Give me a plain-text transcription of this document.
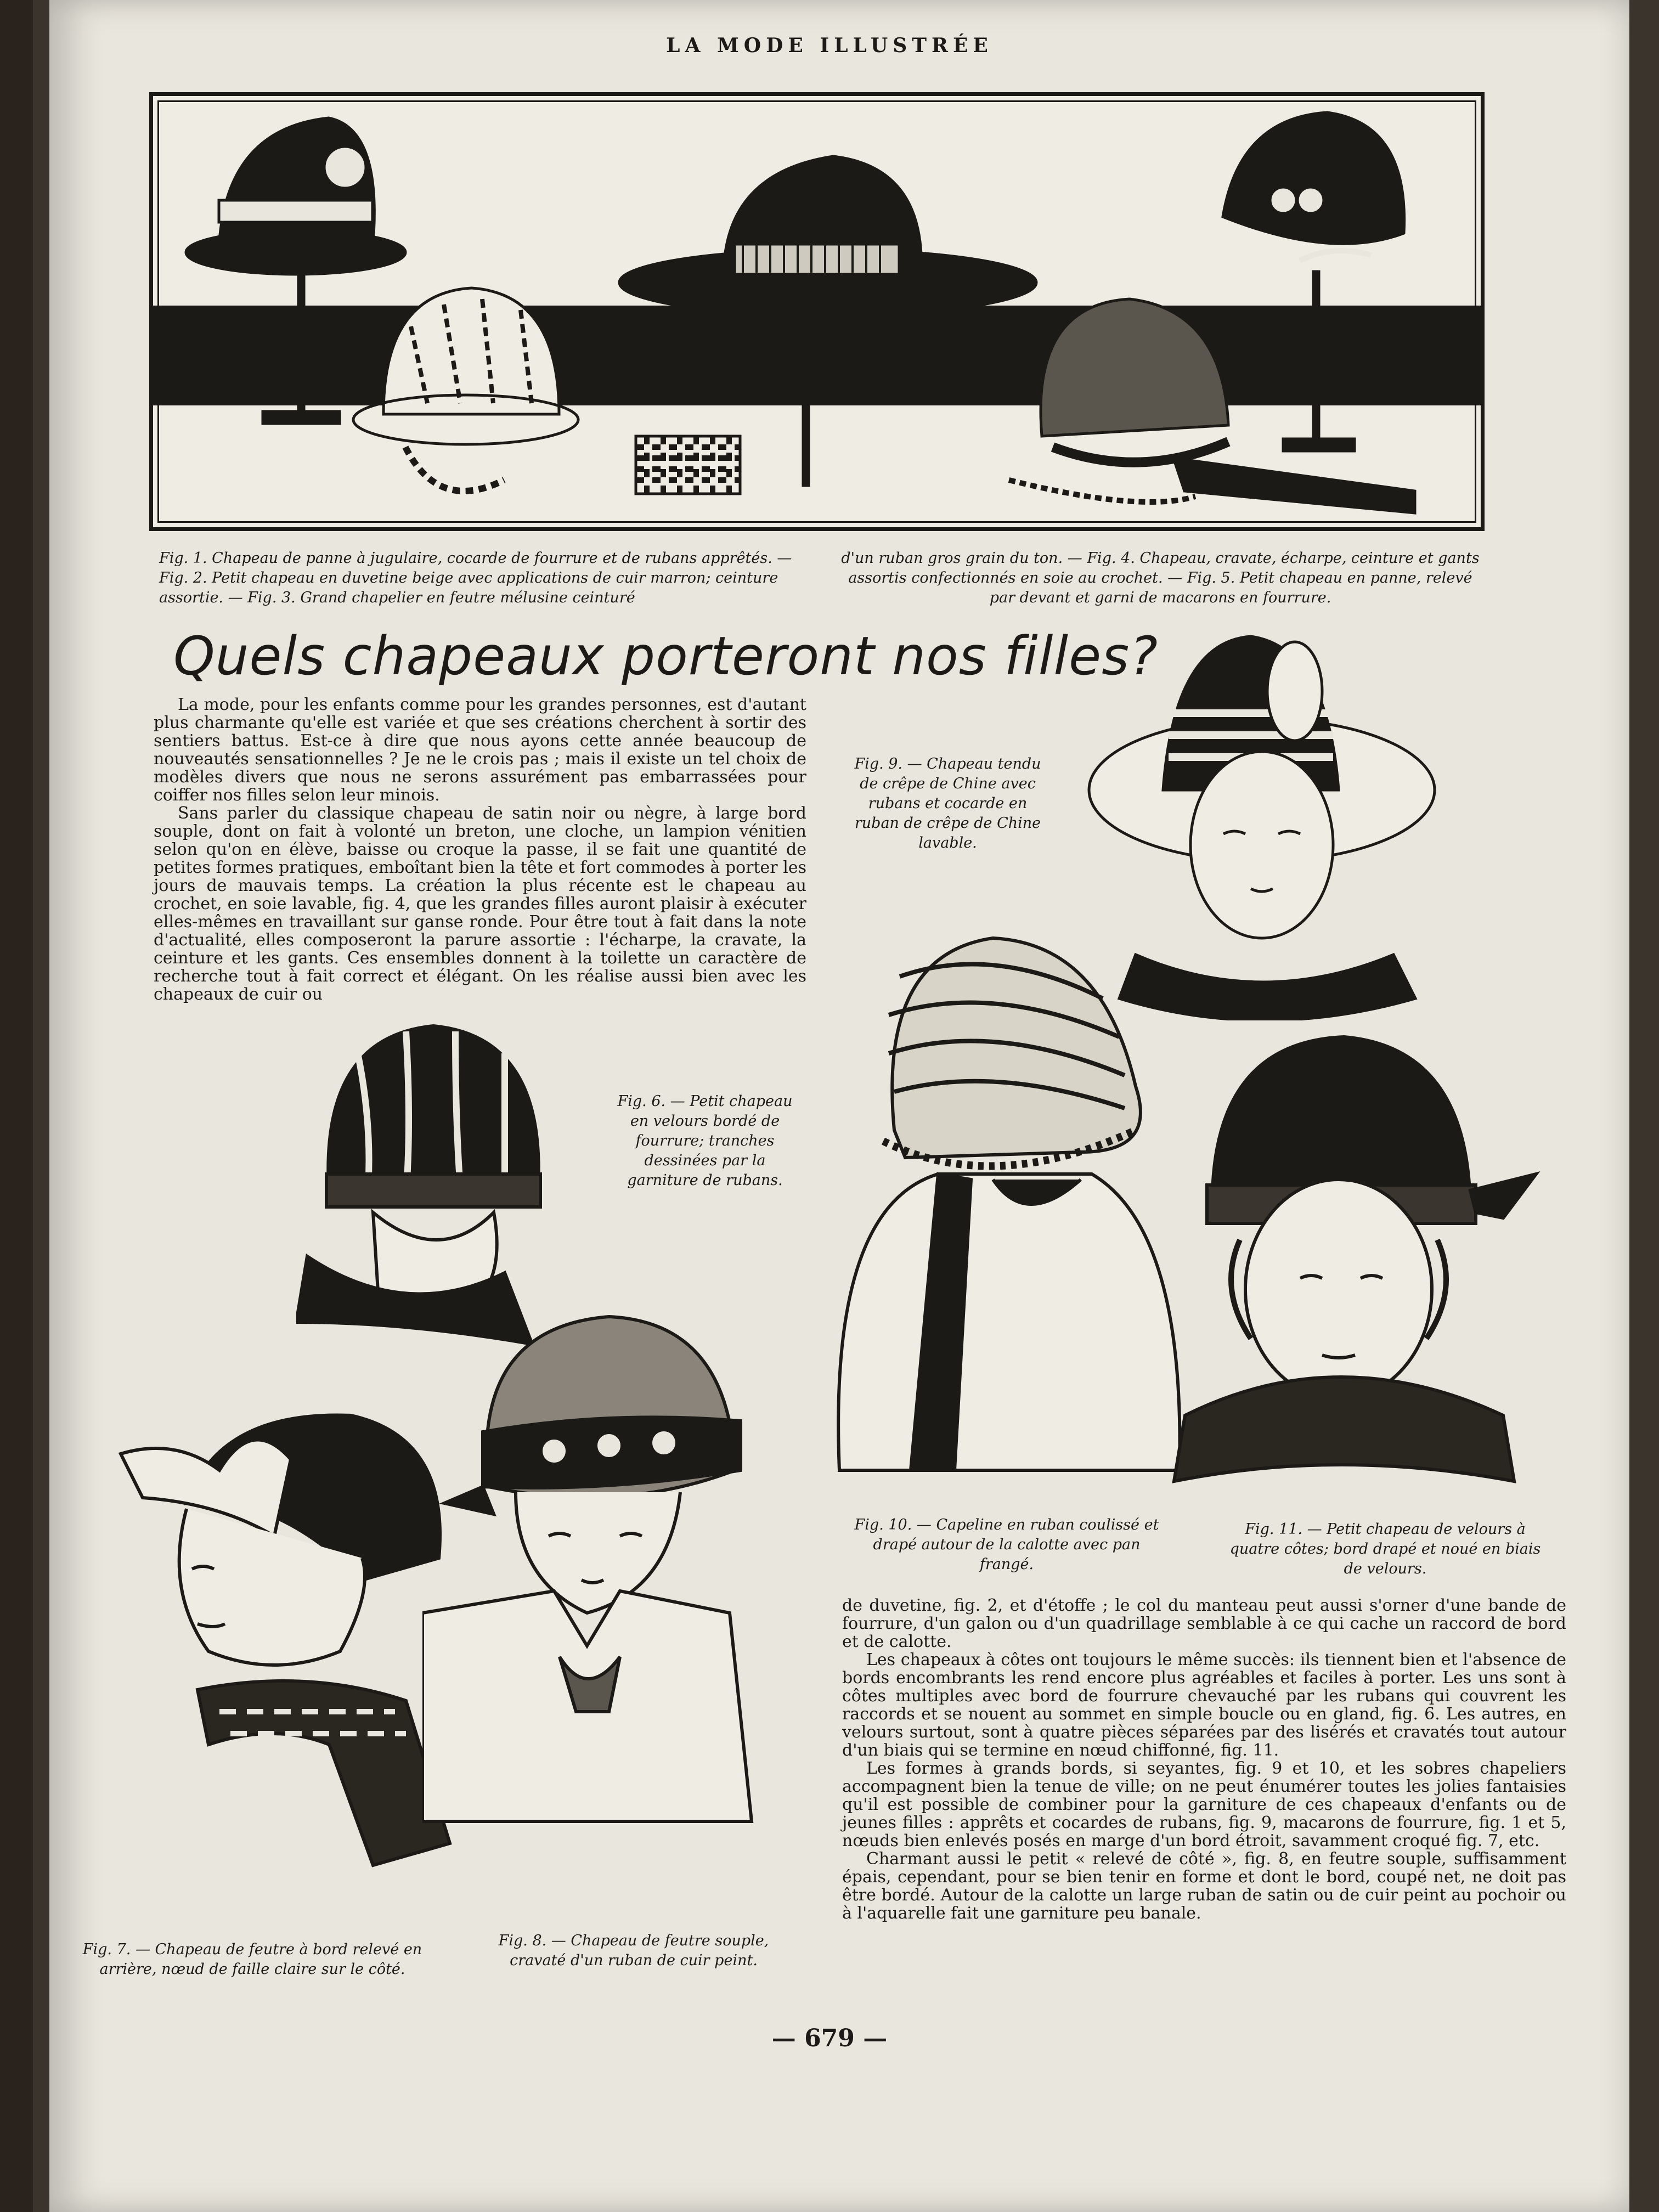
LA MODE ILLUSTRÉE
Fig. 1. Chapeau de panne à jugulaire, cocarde de fourrure et de rubans apprêtés. — Fig. 2. Petit chapeau en duvetine beige avec applications de cuir marron; ceinture assortie. — Fig. 3. Grand chapelier en feutre mélusine ceinturé
d'un ruban gros grain du ton. — Fig. 4. Chapeau, cravate, écharpe, ceinture et gants assortis confectionnés en soie au crochet. — Fig. 5. Petit chapeau en panne, relevé par devant et garni de macarons en fourrure.
Quels chapeaux porteront nos filles?

La mode, pour les enfants comme pour les grandes personnes, est d'autant plus charmante qu'elle est variée et que ses créations cherchent à sortir des sentiers battus. Est-ce à dire que nous ayons cette année beaucoup de nouveautés sensationnelles ? Je ne le crois pas ; mais il existe un tel choix de modèles divers que nous ne serons assurément pas embarrassées pour coiffer nos filles selon leur minois.

Sans parler du classique chapeau de satin noir ou nègre, à large bord souple, dont on fait à volonté un breton, une cloche, un lampion vénitien selon qu'on en élève, baisse ou croque la passe, il se fait une quantité de petites formes pratiques, emboîtant bien la tête et fort commodes à porter les jours de mauvais temps. La création la plus récente est le chapeau au crochet, en soie lavable, fig. 4, que les grandes filles auront plaisir à exécuter elles-mêmes en travaillant sur ganse ronde. Pour être tout à fait dans la note d'actualité, elles composeront la parure assortie : l'écharpe, la cravate, la ceinture et les gants. Ces ensembles donnent à la toilette un caractère de recherche tout à fait correct et élégant. On les réalise aussi bien avec les chapeaux de cuir ou

Fig. 9. — Chapeau tendu de crêpe de Chine avec rubans et cocarde en ruban de crêpe de Chine lavable.
Fig. 6. — Petit chapeau en velours bordé de fourrure; tranches dessinées par la garniture de rubans.
Fig. 10. — Capeline en ruban coulissé et drapé autour de la calotte avec pan frangé.
Fig. 11. — Petit chapeau de velours à quatre côtes; bord drapé et noué en biais de velours.
Fig. 7. — Chapeau de feutre à bord relevé en arrière, nœud de faille claire sur le côté.
Fig. 8. — Chapeau de feutre souple, cravaté d'un ruban de cuir peint.

de duvetine, fig. 2, et d'étoffe ; le col du manteau peut aussi s'orner d'une bande de fourrure, d'un galon ou d'un quadrillage semblable à ce qui cache un raccord de bord et de calotte.

Les chapeaux à côtes ont toujours le même succès: ils tiennent bien et l'absence de bords encombrants les rend encore plus agréables et faciles à porter. Les uns sont à côtes multiples avec bord de fourrure chevauché par les rubans qui couvrent les raccords et se nouent au sommet en simple boucle ou en gland, fig. 6. Les autres, en velours surtout, sont à quatre pièces séparées par des lisérés et cravatés tout autour d'un biais qui se termine en nœud chiffonné, fig. 11.

Les formes à grands bords, si seyantes, fig. 9 et 10, et les sobres chapeliers accompagnent bien la tenue de ville; on ne peut énumérer toutes les jolies fantaisies qu'il est possible de combiner pour la garniture de ces chapeaux d'enfants ou de jeunes filles : apprêts et cocardes de rubans, fig. 9, macarons de fourrure, fig. 1 et 5, nœuds bien enlevés posés en marge d'un bord étroit, savamment croqué fig. 7, etc.

Charmant aussi le petit « relevé de côté », fig. 8, en feutre souple, suffisamment épais, cependant, pour se bien tenir en forme et dont le bord, coupé net, ne doit pas être bordé. Autour de la calotte un large ruban de satin ou de cuir peint au pochoir ou à l'aquarelle fait une garniture peu banale.

— 679 —
